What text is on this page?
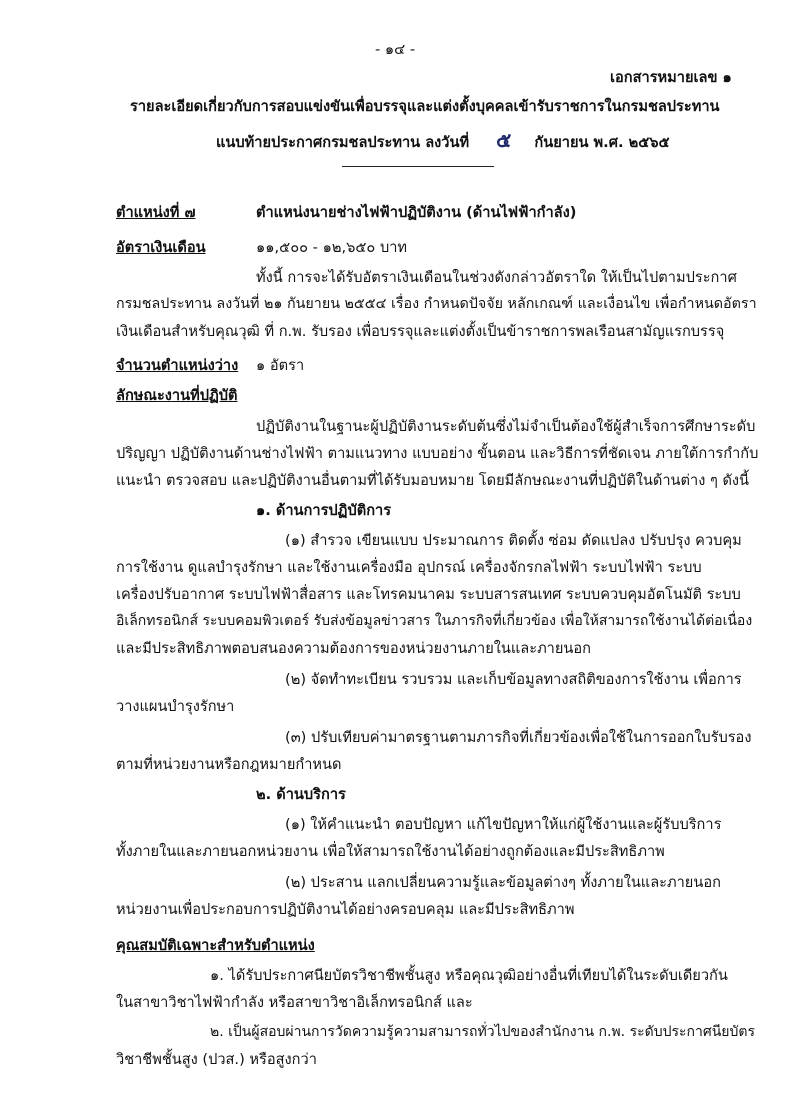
- ๑๔ -
เอกสารหมายเลข ๑
รายละเอียดเกี่ยวกับการสอบแข่งขันเพื่อบรรจุและแต่งตั้งบุคคลเข้ารับราชการในกรมชลประทาน
แนบท้ายประกาศกรมชลประทาน ลงวันที่ ๕ กันยายน พ.ศ. ๒๕๖๕
ตำแหน่งที่ ๗	ตำแหน่งนายช่างไฟฟ้าปฏิบัติงาน (ด้านไฟฟ้ากำลัง)
อัตราเงินเดือน	๑๑,๕๐๐ - ๑๒,๖๕๐ บาท
ทั้งนี้ การจะได้รับอัตราเงินเดือนในช่วงดังกล่าวอัตราใด ให้เป็นไปตามประกาศ
กรมชลประทาน ลงวันที่ ๒๑ กันยายน ๒๕๕๔ เรื่อง กำหนดปัจจัย หลักเกณฑ์ และเงื่อนไข เพื่อกำหนดอัตรา
เงินเดือนสำหรับคุณวุฒิ ที่ ก.พ. รับรอง เพื่อบรรจุและแต่งตั้งเป็นข้าราชการพลเรือนสามัญแรกบรรจุ
จำนวนตำแหน่งว่าง ๑ อัตรา
ลักษณะงานที่ปฏิบัติ
ปฏิบัติงานในฐานะผู้ปฏิบัติงานระดับต้นซึ่งไม่จำเป็นต้องใช้ผู้สำเร็จการศึกษาระดับ
ปริญญา ปฏิบัติงานด้านช่างไฟฟ้า ตามแนวทาง แบบอย่าง ขั้นตอน และวิธีการที่ชัดเจน ภายใต้การกำกับ
แนะนำ ตรวจสอบ และปฏิบัติงานอื่นตามที่ได้รับมอบหมาย โดยมีลักษณะงานที่ปฏิบัติในด้านต่าง ๆ ดังนี้
๑. ด้านการปฏิบัติการ
(๑) สำรวจ เขียนแบบ ประมาณการ ติดตั้ง ซ่อม ดัดแปลง ปรับปรุง ควบคุม
การใช้งาน ดูแลบำรุงรักษา และใช้งานเครื่องมือ อุปกรณ์ เครื่องจักรกลไฟฟ้า ระบบไฟฟ้า ระบบ
เครื่องปรับอากาศ ระบบไฟฟ้าสื่อสาร และโทรคมนาคม ระบบสารสนเทศ ระบบควบคุมอัตโนมัติ ระบบ
อิเล็กทรอนิกส์ ระบบคอมพิวเตอร์ รับส่งข้อมูลข่าวสาร ในภารกิจที่เกี่ยวข้อง เพื่อให้สามารถใช้งานได้ต่อเนื่อง
และมีประสิทธิภาพตอบสนองความต้องการของหน่วยงานภายในและภายนอก
(๒) จัดทำทะเบียน รวบรวม และเก็บข้อมูลทางสถิติของการใช้งาน เพื่อการ
วางแผนบำรุงรักษา
(๓) ปรับเทียบค่ามาตรฐานตามภารกิจที่เกี่ยวข้องเพื่อใช้ในการออกใบรับรอง
ตามที่หน่วยงานหรือกฎหมายกำหนด
๒. ด้านบริการ
(๑) ให้คำแนะนำ ตอบปัญหา แก้ไขปัญหาให้แก่ผู้ใช้งานและผู้รับบริการ
ทั้งภายในและภายนอกหน่วยงาน เพื่อให้สามารถใช้งานได้อย่างถูกต้องและมีประสิทธิภาพ
(๒) ประสาน แลกเปลี่ยนความรู้และข้อมูลต่างๆ ทั้งภายในและภายนอก
หน่วยงานเพื่อประกอบการปฏิบัติงานได้อย่างครอบคลุม และมีประสิทธิภาพ
คุณสมบัติเฉพาะสำหรับตำแหน่ง
๑. ได้รับประกาศนียบัตรวิชาชีพชั้นสูง หรือคุณวุฒิอย่างอื่นที่เทียบได้ในระดับเดียวกัน
ในสาขาวิชาไฟฟ้ากำลัง หรือสาขาวิชาอิเล็กทรอนิกส์ และ
๒. เป็นผู้สอบผ่านการวัดความรู้ความสามารถทั่วไปของสำนักงาน ก.พ. ระดับประกาศนียบัตร
วิชาชีพชั้นสูง (ปวส.) หรือสูงกว่า
